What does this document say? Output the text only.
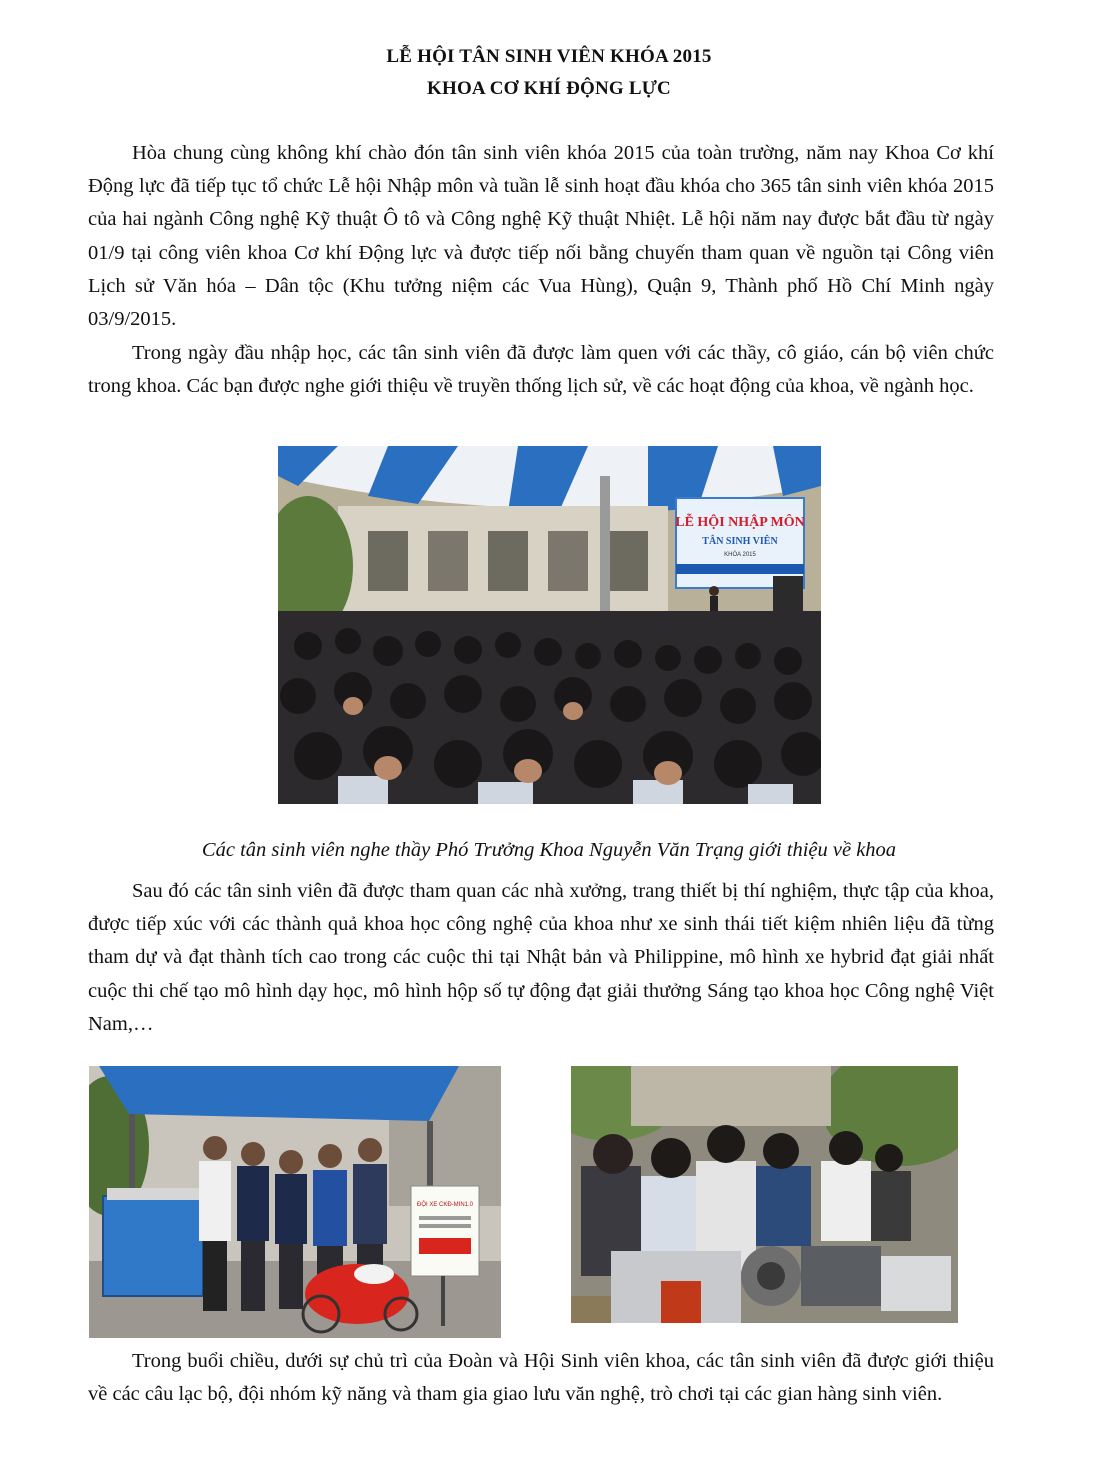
LỄ HỘI TÂN SINH VIÊN KHÓA 2015
KHOA CƠ KHÍ ĐỘNG LỰC

Hòa chung cùng không khí chào đón tân sinh viên khóa 2015 của toàn trường, năm nay Khoa Cơ khí Động lực đã tiếp tục tổ chức Lễ hội Nhập môn và tuần lễ sinh hoạt đầu khóa cho 365 tân sinh viên khóa 2015 của hai ngành Công nghệ Kỹ thuật Ô tô và Công nghệ Kỹ thuật Nhiệt. Lễ hội năm nay được bắt đầu từ ngày 01/9 tại công viên khoa Cơ khí Động lực và được tiếp nối bằng chuyến tham quan về nguồn tại Công viên Lịch sử Văn hóa – Dân tộc (Khu tưởng niệm các Vua Hùng), Quận 9, Thành phố Hồ Chí Minh ngày 03/9/2015.

Trong ngày đầu nhập học, các tân sinh viên đã được làm quen với các thầy, cô giáo, cán bộ viên chức trong khoa. Các bạn được nghe giới thiệu về truyền thống lịch sử, về các hoạt động của khoa, về ngành học.

LỄ HỘI NHẬP MÔN
TÂN SINH VIÊN
KHÓA 2015
Các tân sinh viên nghe thầy Phó Trưởng Khoa Nguyễn Văn Trạng giới thiệu về khoa

Sau đó các tân sinh viên đã được tham quan các nhà xưởng, trang thiết bị thí nghiệm, thực tập của khoa, được tiếp xúc với các thành quả khoa học công nghệ của khoa như xe sinh thái tiết kiệm nhiên liệu đã từng tham dự và đạt thành tích cao trong các cuộc thi tại Nhật bản và Philippine, mô hình xe hybrid đạt giải nhất cuộc thi chế tạo mô hình dạy học, mô hình hộp số tự động đạt giải thưởng Sáng tạo khoa học Công nghệ Việt Nam,…

ĐỘI XE CKĐ-MIN1.0

Trong buổi chiều, dưới sự chủ trì của Đoàn và Hội Sinh viên khoa, các tân sinh viên đã được giới thiệu về các câu lạc bộ, đội nhóm kỹ năng và tham gia giao lưu văn nghệ, trò chơi tại các gian hàng sinh viên.
